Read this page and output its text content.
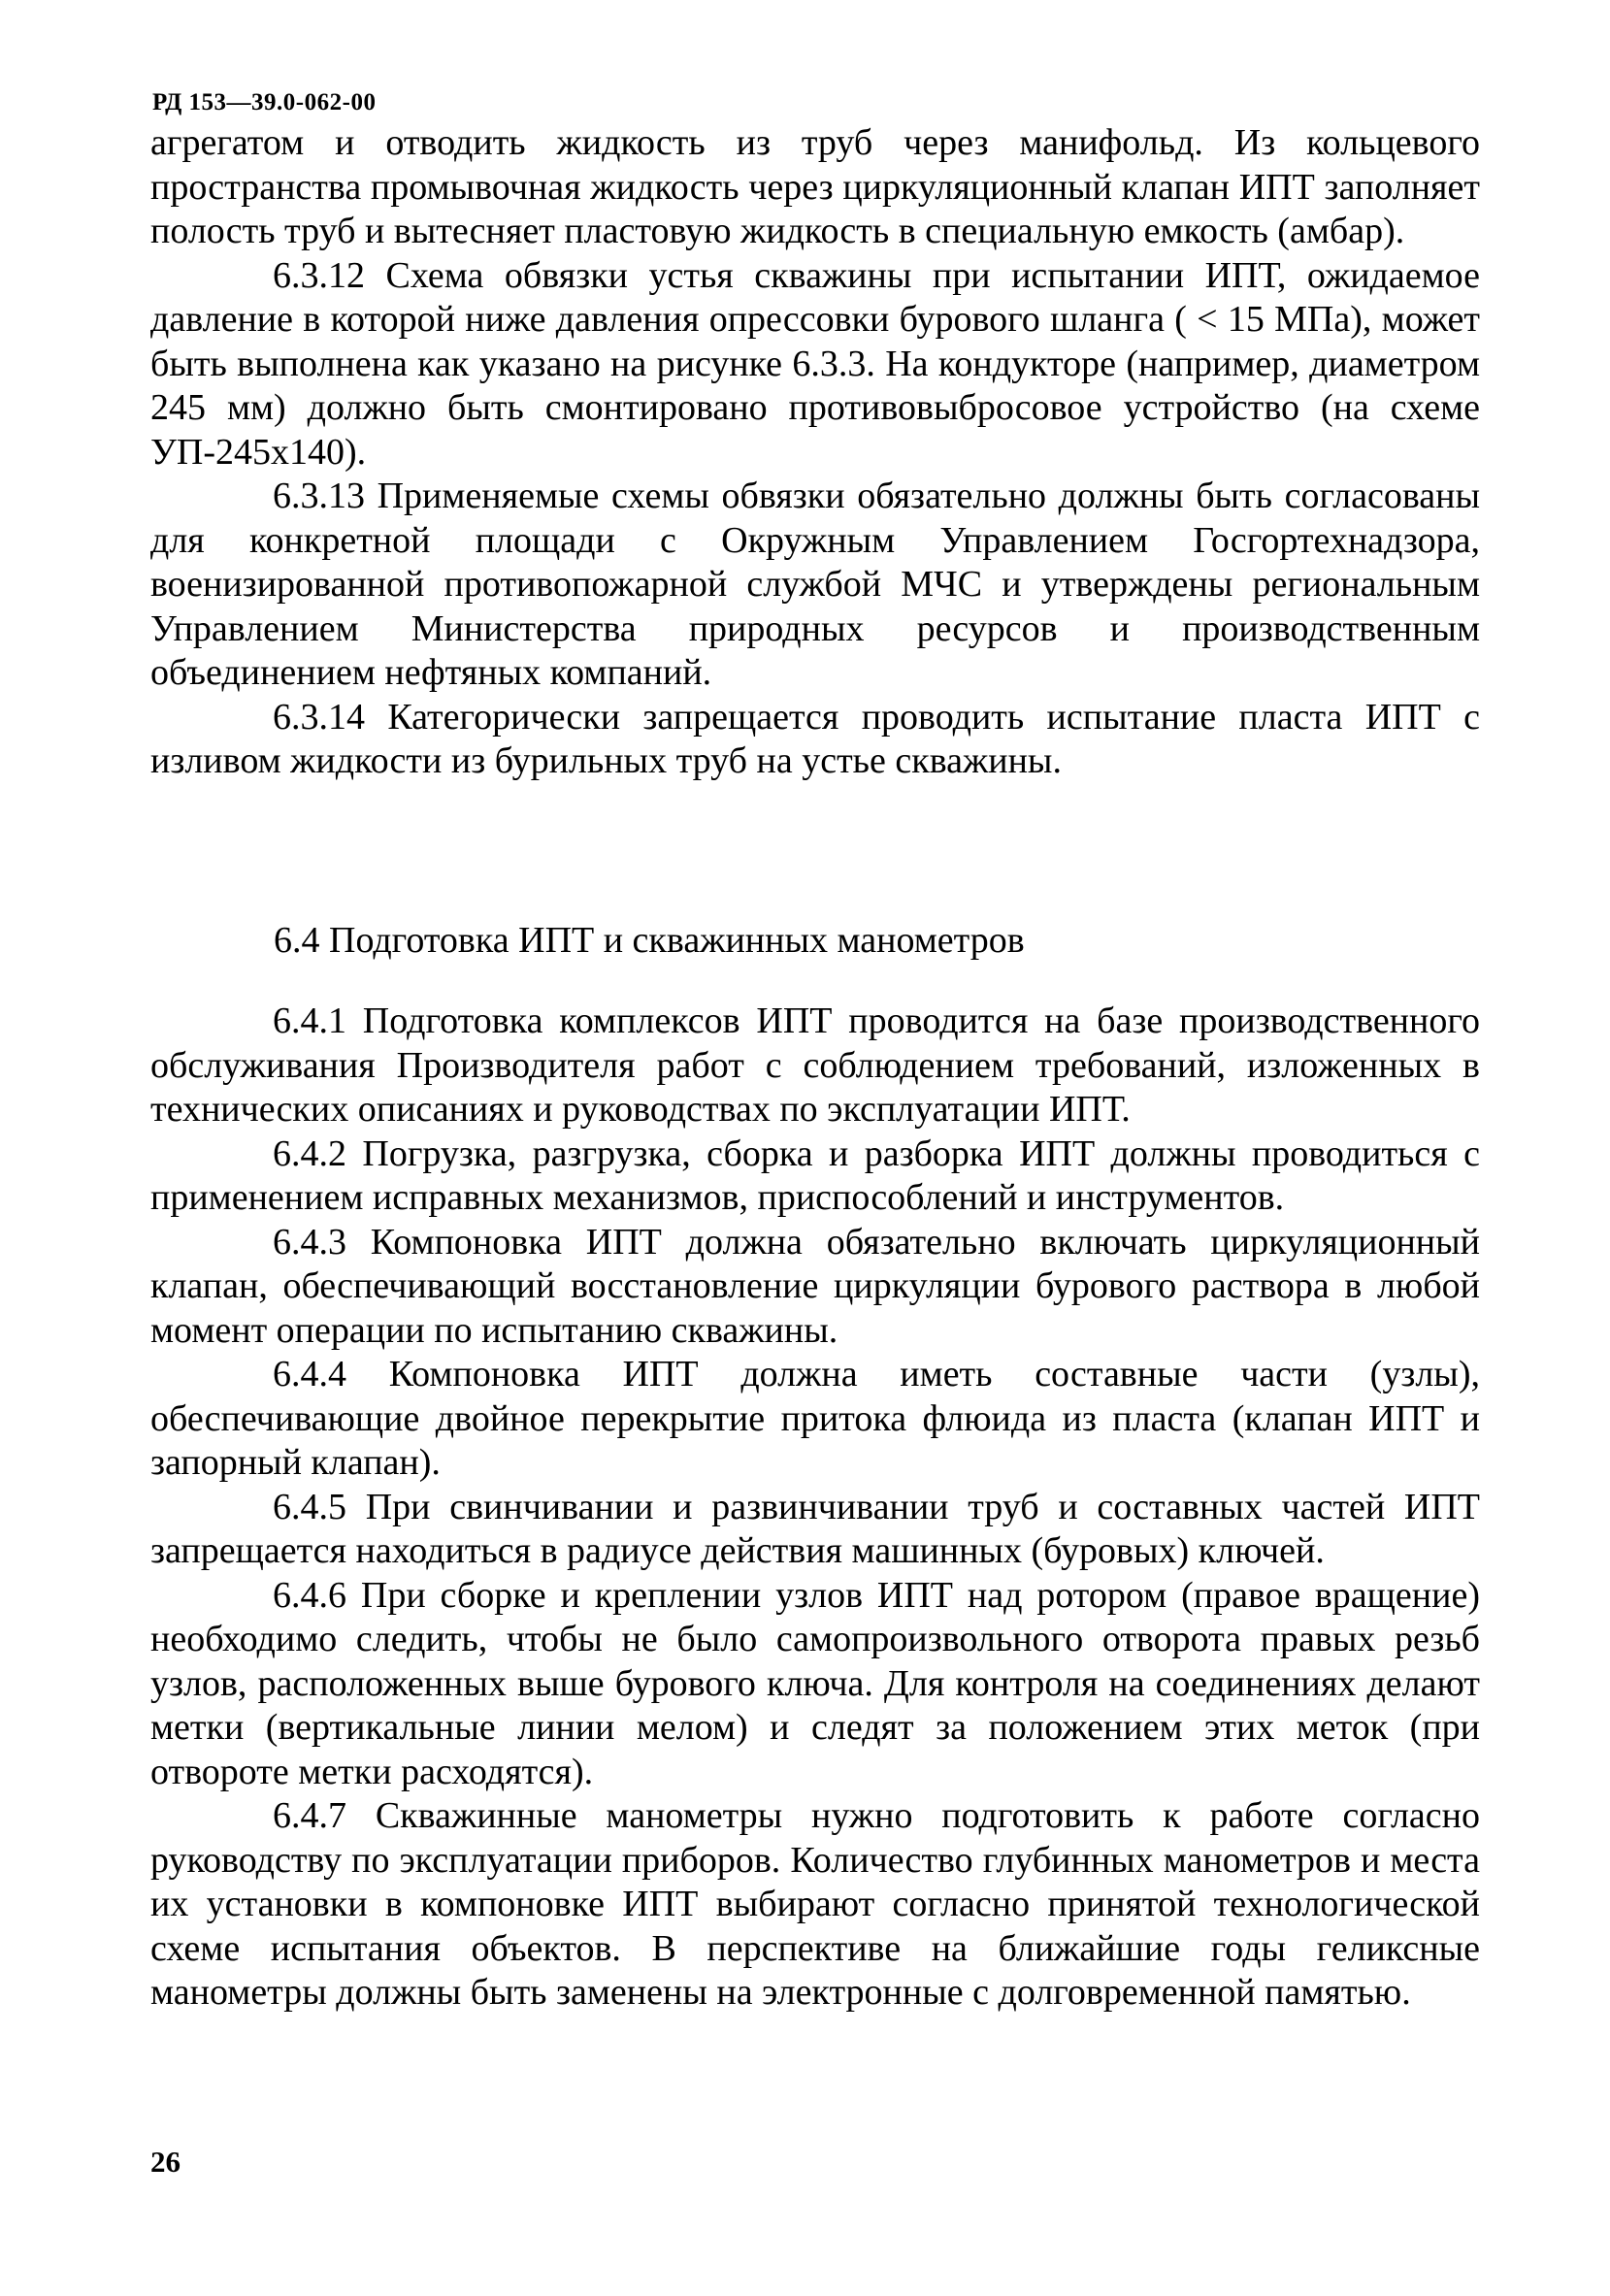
РД 153—39.0-062-00

агрегатом и отводить жидкость из труб через манифольд. Из кольцевого пространства промывочная жидкость через циркуляционный клапан ИПТ заполняет полость труб и вытесняет пластовую жидкость в специальную емкость (амбар).

6.3.12 Схема обвязки устья скважины при испытании ИПТ, ожидаемое давление в которой ниже давления опрессовки бурового шланга ( < 15 МПа), может быть выполнена как указано на рисунке 6.3.3. На кондукторе (например, диаметром 245 мм) должно быть смонтировано противовыбросовое устройство (на схеме УП-245х140).

6.3.13 Применяемые схемы обвязки обязательно должны быть согласованы для конкретной площади с Окружным Управлением Госгортехнадзора, военизированной противопожарной службой МЧС и утверждены региональным Управлением Министерства природных ресурсов и производственным объединением нефтяных компаний.

6.3.14 Категорически запрещается проводить испытание пласта ИПТ с изливом жидкости из бурильных труб на устье скважины.

6.4 Подготовка ИПТ и скважинных манометров

6.4.1 Подготовка комплексов ИПТ проводится на базе производственного обслуживания Производителя работ с соблюдением требований, изложенных в технических описаниях и руководствах по эксплуатации ИПТ.

6.4.2 Погрузка, разгрузка, сборка и разборка ИПТ должны проводиться с применением исправных механизмов, приспособлений и инструментов.

6.4.3 Компоновка ИПТ должна обязательно включать циркуляционный клапан, обеспечивающий восстановление циркуляции бурового раствора в любой момент операции по испытанию скважины.

6.4.4 Компоновка ИПТ должна иметь составные части (узлы), обеспечивающие двойное перекрытие притока флюида из пласта (клапан ИПТ и запорный клапан).

6.4.5 При свинчивании и развинчивании труб и составных частей ИПТ запрещается находиться в радиусе действия машинных (буровых) ключей.

6.4.6 При сборке и креплении узлов ИПТ над ротором (правое вращение) необходимо следить, чтобы не было самопроизвольного отворота правых резьб узлов, расположенных выше бурового ключа. Для контроля на соединениях делают метки (вертикальные линии мелом) и следят за положением этих меток (при отвороте метки расходятся).

6.4.7 Скважинные манометры нужно подготовить к работе согласно руководству по эксплуатации приборов. Количество глубинных манометров и места их установки в компоновке ИПТ выбирают согласно принятой технологической схеме испытания объектов. В перспективе на ближайшие годы геликсные манометры должны быть заменены на электронные с долговременной памятью.

26
